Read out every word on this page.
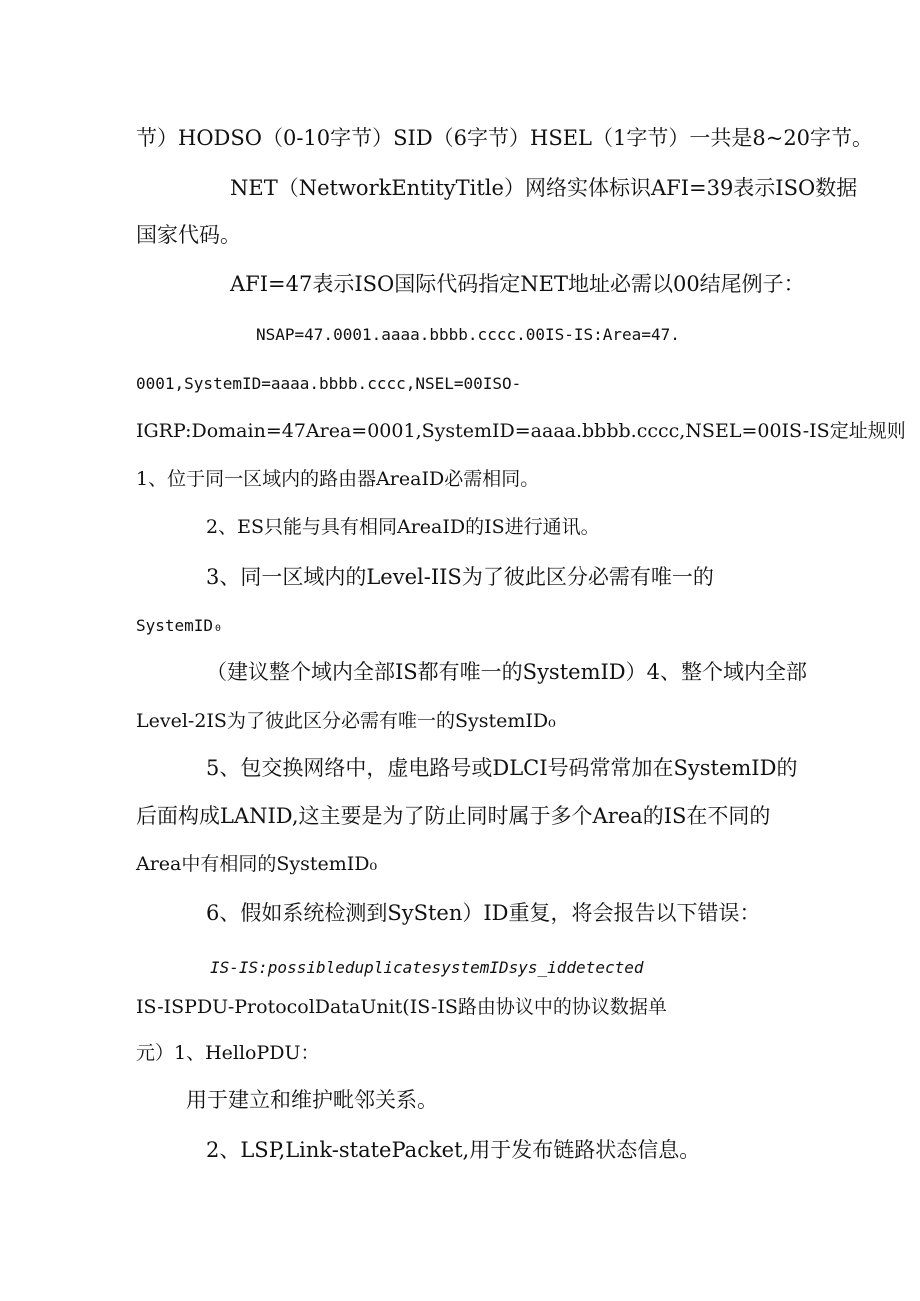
节）HODSO（0-10字节）SID（6字节）HSEL（1字节）一共是8~20字节。
NET（NetworkEntityTitle）网络实体标识AFI=39表示ISO数据
国家代码。
AFI=47表示ISO国际代码指定NET地址必需以00结尾例子：
NSAP=47.0001.aaaa.bbbb.cccc.00IS-IS:Area=47.
0001,SystemID=aaaa.bbbb.cccc,NSEL=00ISO-
IGRP:Domain=47Area=0001,SystemID=aaaa.bbbb.cccc,NSEL=00IS-IS定址规则
1、位于同一区域内的路由器AreaID必需相同。
2、ES只能与具有相同AreaID的IS进行通讯。
3、同一区域内的Level-IIS为了彼此区分必需有唯一的
SystemID₀
（建议整个域内全部IS都有唯一的SystemID）4、整个域内全部
Level-2IS为了彼此区分必需有唯一的SystemID₀
5、包交换网络中，虚电路号或DLCI号码常常加在SystemID的
后面构成LANID,这主要是为了防止同时属于多个Area的IS在不同的
Area中有相同的SystemID₀
6、假如系统检测到SySten）ID重复，将会报告以下错误：
IS-IS:possibleduplicatesystemIDsys_iddetected
IS-ISPDU-ProtocolDataUnit(IS-IS路由协议中的协议数据单
元）1、HelloPDU：
用于建立和维护毗邻关系。
2、LSP,Link-statePacket,用于发布链路状态信息。
